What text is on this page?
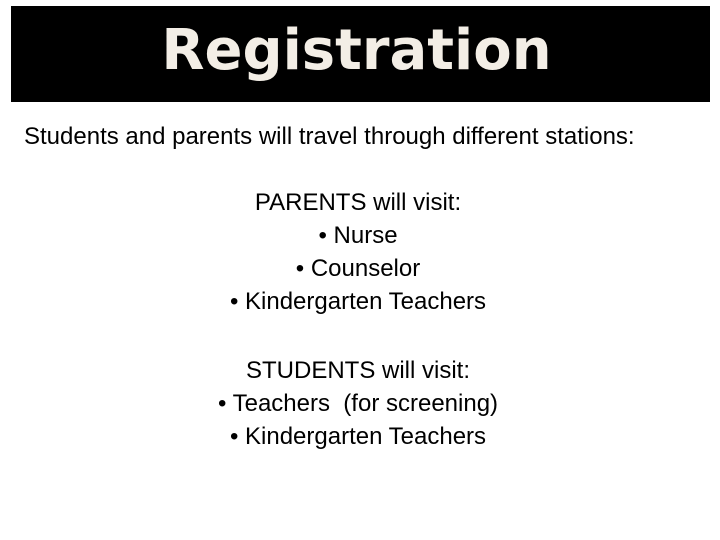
Registration

Students and parents will travel through different stations:

PARENTS will visit:
• Nurse
• Counselor
• Kindergarten Teachers
STUDENTS will visit:
• Teachers  (for screening)
• Kindergarten Teachers
